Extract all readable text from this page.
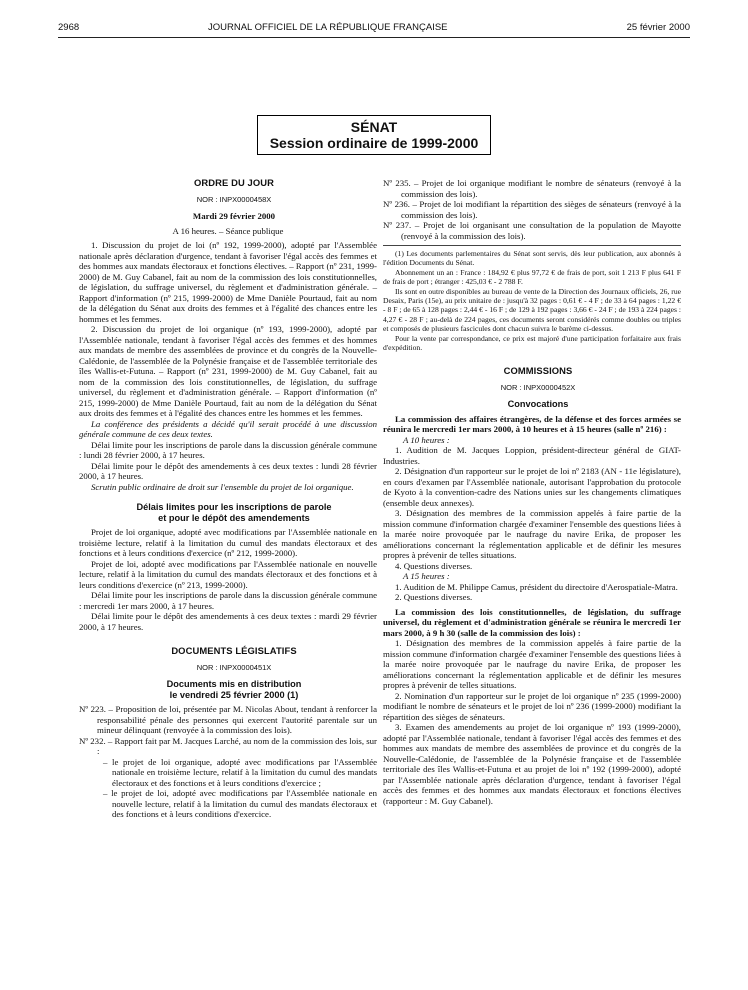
2968	JOURNAL OFFICIEL DE LA RÉPUBLIQUE FRANÇAISE	25 février 2000
SÉNAT
Session ordinaire de 1999-2000

ORDRE DU JOUR

NOR : INPX0000458X

Mardi 29 février 2000

A 16 heures. – Séance publique

1. Discussion du projet de loi (nº 192, 1999-2000), adopté par l'Assemblée nationale après déclaration d'urgence, tendant à favoriser l'égal accès des femmes et des hommes aux mandats électoraux et fonctions électives. – Rapport (nº 231, 1999-2000) de M. Guy Cabanel, fait au nom de la commission des lois constitutionnelles, de législation, du suffrage universel, du règlement et d'administration générale. – Rapport d'information (nº 215, 1999-2000) de Mme Danièle Pourtaud, fait au nom de la délégation du Sénat aux droits des femmes et à l'égalité des chances entre les hommes et les femmes.

2. Discussion du projet de loi organique (nº 193, 1999-2000), adopté par l'Assemblée nationale, tendant à favoriser l'égal accès des femmes et des hommes aux mandats de membre des assemblées de province et du congrès de la Nouvelle-Calédonie, de l'assemblée de la Polynésie française et de l'assemblée territoriale des îles Wallis-et-Futuna. – Rapport (nº 231, 1999-2000) de M. Guy Cabanel, fait au nom de la commission des lois constitutionnelles, de législation, du suffrage universel, du règlement et d'administration générale. – Rapport d'information (nº 215, 1999-2000) de Mme Danièle Pourtaud, fait au nom de la délégation du Sénat aux droits des femmes et à l'égalité des chances entre les hommes et les femmes.

La conférence des présidents a décidé qu'il serait procédé à une discussion générale commune de ces deux textes.

Délai limite pour les inscriptions de parole dans la discussion générale commune : lundi 28 février 2000, à 17 heures.

Délai limite pour le dépôt des amendements à ces deux textes : lundi 28 février 2000, à 17 heures.

Scrutin public ordinaire de droit sur l'ensemble du projet de loi organique.

Délais limites pour les inscriptions de parole

et pour le dépôt des amendements

Projet de loi organique, adopté avec modifications par l'Assemblée nationale en troisième lecture, relatif à la limitation du cumul des mandats électoraux et des fonctions et à leurs conditions d'exercice (nº 212, 1999-2000).

Projet de loi, adopté avec modifications par l'Assemblée nationale en nouvelle lecture, relatif à la limitation du cumul des mandats électoraux et des fonctions et à leurs conditions d'exercice (nº 213, 1999-2000).

Délai limite pour les inscriptions de parole dans la discussion générale commune : mercredi 1er mars 2000, à 17 heures.

Délai limite pour le dépôt des amendements à ces deux textes : mardi 29 février 2000, à 17 heures.

DOCUMENTS LÉGISLATIFS

NOR : INPX0000451X

Documents mis en distribution

le vendredi 25 février 2000 (1)

Nº 223. – Proposition de loi, présentée par M. Nicolas About, tendant à renforcer la responsabilité pénale des personnes qui exercent l'autorité parentale sur un mineur délinquant (renvoyée à la commission des lois).

Nº 232. – Rapport fait par M. Jacques Larché, au nom de la commission des lois, sur :

– le projet de loi organique, adopté avec modifications par l'Assemblée nationale en troisième lecture, relatif à la limitation du cumul des mandats électoraux et des fonctions et à leurs conditions d'exercice ;

– le projet de loi, adopté avec modifications par l'Assemblée nationale en nouvelle lecture, relatif à la limitation du cumul des mandats électoraux et des fonctions et à leurs conditions d'exercice.

Nº 235. – Projet de loi organique modifiant le nombre de sénateurs (renvoyé à la commission des lois).

Nº 236. – Projet de loi modifiant la répartition des sièges de sénateurs (renvoyé à la commission des lois).

Nº 237. – Projet de loi organisant une consultation de la population de Mayotte (renvoyé à la commission des lois).

(1) Les documents parlementaires du Sénat sont servis, dès leur publication, aux abonnés à l'édition Documents du Sénat.

Abonnement un an : France : 184,92 € plus 97,72 € de frais de port, soit 1 213 F plus 641 F de frais de port ; étranger : 425,03 € - 2 788 F.

Ils sont en outre disponibles au bureau de vente de la Direction des Journaux officiels, 26, rue Desaix, Paris (15e), au prix unitaire de : jusqu'à 32 pages : 0,61 € - 4 F ; de 33 à 64 pages : 1,22 € - 8 F ; de 65 à 128 pages : 2,44 € - 16 F ; de 129 à 192 pages : 3,66 € - 24 F ; de 193 à 224 pages : 4,27 € - 28 F ; au-delà de 224 pages, ces documents seront considérés comme doubles ou triples et composés de plusieurs fascicules dont chacun suivra le barème ci-dessus.

Pour la vente par correspondance, ce prix est majoré d'une participation forfaitaire aux frais d'expédition.

COMMISSIONS

NOR : INPX0000452X

Convocations

La commission des affaires étrangères, de la défense et des forces armées se réunira le mercredi 1er mars 2000, à 10 heures et à 15 heures (salle nº 216) :

A 10 heures :

1. Audition de M. Jacques Loppion, président-directeur général de GIAT-Industries.

2. Désignation d'un rapporteur sur le projet de loi nº 2183 (AN - 11e législature), en cours d'examen par l'Assemblée nationale, autorisant l'approbation du protocole de Kyoto à la convention-cadre des Nations unies sur les changements climatiques (ensemble deux annexes).

3. Désignation des membres de la commission appelés à faire partie de la mission commune d'information chargée d'examiner l'ensemble des questions liées à la marée noire provoquée par le naufrage du navire Erika, de proposer les améliorations concernant la réglementation applicable et de définir les mesures propres à prévenir de telles situations.

4. Questions diverses.

A 15 heures :

1. Audition de M. Philippe Camus, président du directoire d'Aerospatiale-Matra.

2. Questions diverses.

La commission des lois constitutionnelles, de législation, du suffrage universel, du règlement et d'administration générale se réunira le mercredi 1er mars 2000, à 9 h 30 (salle de la commission des lois) :

1. Désignation des membres de la commission appelés à faire partie de la mission commune d'information chargée d'examiner l'ensemble des questions liées à la marée noire provoquée par le naufrage du navire Erika, de proposer les améliorations concernant la réglementation applicable et de définir les mesures propres à prévenir de telles situations.

2. Nomination d'un rapporteur sur le projet de loi organique nº 235 (1999-2000) modifiant le nombre de sénateurs et le projet de loi nº 236 (1999-2000) modifiant la répartition des sièges de sénateurs.

3. Examen des amendements au projet de loi organique nº 193 (1999-2000), adopté par l'Assemblée nationale, tendant à favoriser l'égal accès des femmes et des hommes aux mandats de membre des assemblées de province et du congrès de la Nouvelle-Calédonie, de l'assemblée de la Polynésie française et de l'assemblée territoriale des îles Wallis-et-Futuna et au projet de loi nº 192 (1999-2000), adopté par l'Assemblée nationale après déclaration d'urgence, tendant à favoriser l'égal accès des femmes et des hommes aux mandats électoraux et fonctions électives (rapporteur : M. Guy Cabanel).
